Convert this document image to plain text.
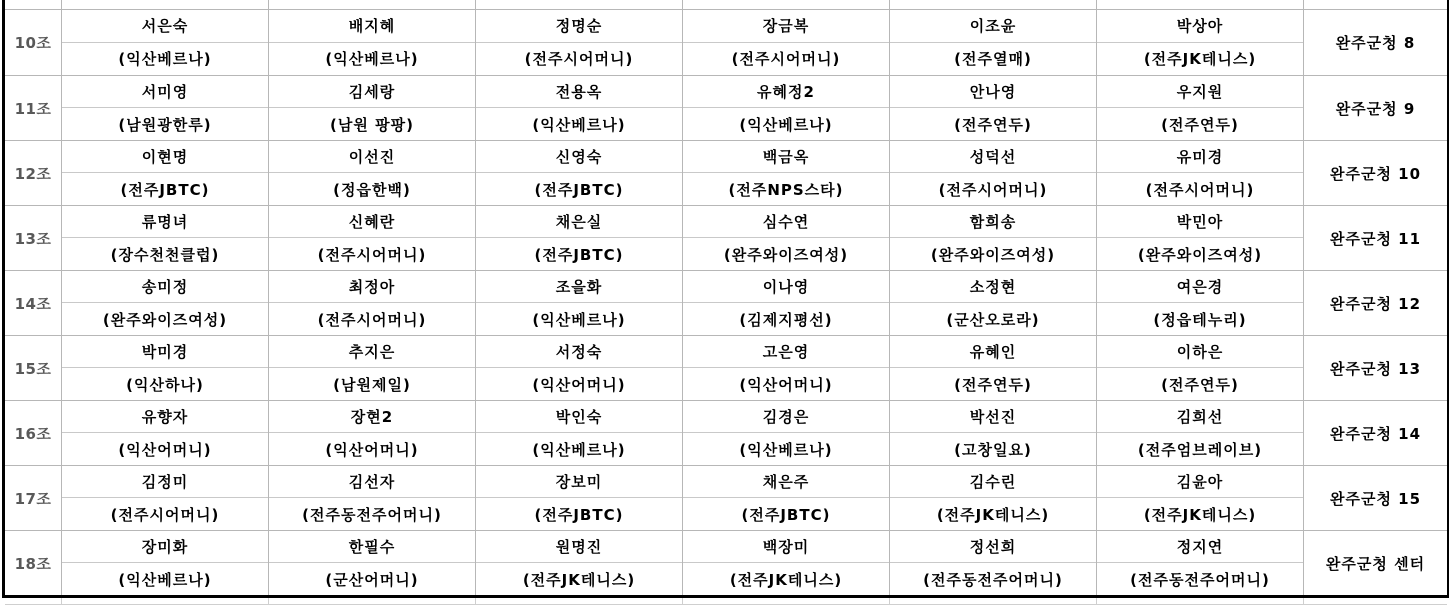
10조
서은숙
(익산베르나)
배지혜
(익산베르나)
정명순
(전주시어머니)
장금복
(전주시어머니)
이조윤
(전주열매)
박상아
(전주JK테니스)
완주군청 8
11조
서미영
(남원광한루)
김세랑
(남원 팡팡)
전용옥
(익산베르나)
유혜정2
(익산베르나)
안나영
(전주연두)
우지원
(전주연두)
완주군청 9
12조
이현명
(전주JBTC)
이선진
(정읍한백)
신영숙
(전주JBTC)
백금옥
(전주NPS스타)
성덕선
(전주시어머니)
유미경
(전주시어머니)
완주군청 10
13조
류명녀
(장수천천클럽)
신혜란
(전주시어머니)
채은실
(전주JBTC)
심수연
(완주와이즈여성)
함희송
(완주와이즈여성)
박민아
(완주와이즈여성)
완주군청 11
14조
송미정
(완주와이즈여성)
최정아
(전주시어머니)
조을화
(익산베르나)
이나영
(김제지평선)
소정현
(군산오로라)
여은경
(정읍테누리)
완주군청 12
15조
박미경
(익산하나)
추지은
(남원제일)
서정숙
(익산어머니)
고은영
(익산어머니)
유혜인
(전주연두)
이하은
(전주연두)
완주군청 13
16조
유향자
(익산어머니)
장현2
(익산어머니)
박인숙
(익산베르나)
김경은
(익산베르나)
박선진
(고창일요)
김희선
(전주엄브레이브)
완주군청 14
17조
김정미
(전주시어머니)
김선자
(전주동전주어머니)
장보미
(전주JBTC)
채은주
(전주JBTC)
김수린
(전주JK테니스)
김윤아
(전주JK테니스)
완주군청 15
18조
장미화
(익산베르나)
한필수
(군산어머니)
원명진
(전주JK테니스)
백장미
(전주JK테니스)
정선희
(전주동전주어머니)
정지연
(전주동전주어머니)
완주군청 센터
